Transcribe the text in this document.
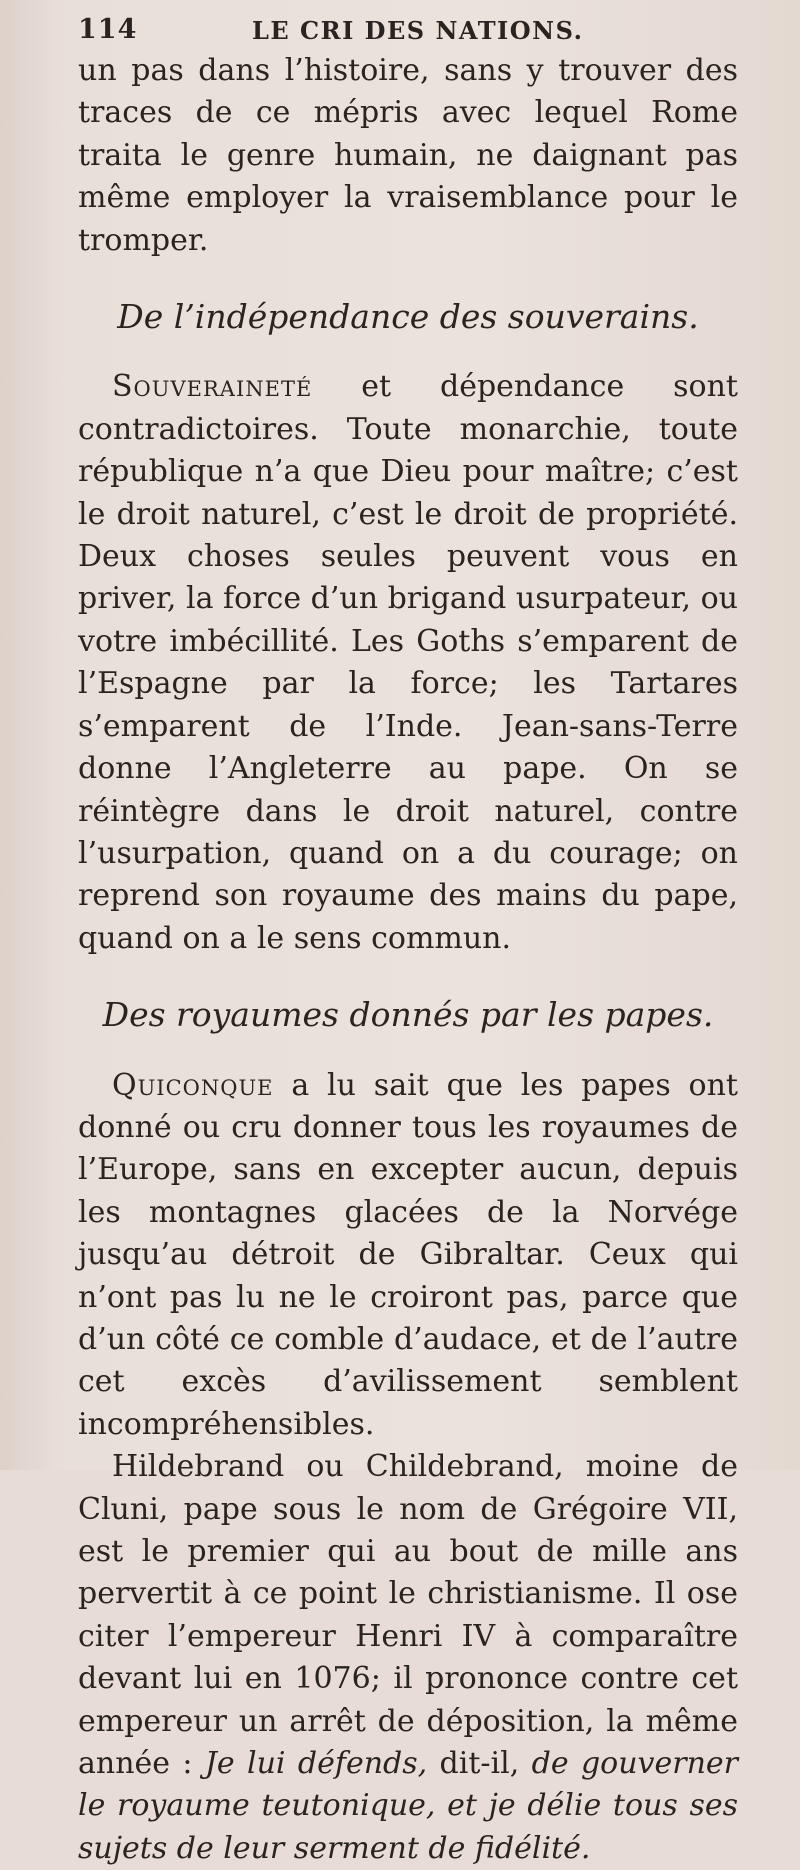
114	LE CRI DES NATIONS.

un pas dans l’histoire, sans y trouver des traces de ce mépris avec lequel Rome traita le genre humain, ne daignant pas même employer la vraisemblance pour le tromper.

De l’indépendance des souverains.

Souveraineté et dépendance sont contradictoires. Toute monarchie, toute république n’a que Dieu pour maître; c’est le droit naturel, c’est le droit de propriété. Deux choses seules peuvent vous en priver, la force d’un brigand usurpateur, ou votre imbécillité. Les Goths s’emparent de l’Espagne par la force; les Tartares s’emparent de l’Inde. Jean-sans-Terre donne l’Angleterre au pape. On se réintègre dans le droit naturel, contre l’usurpation, quand on a du courage; on reprend son royaume des mains du pape, quand on a le sens commun.

Des royaumes donnés par les papes.

Quiconque a lu sait que les papes ont donné ou cru donner tous les royaumes de l’Europe, sans en excepter aucun, depuis les montagnes glacées de la Norvége jusqu’au détroit de Gibraltar. Ceux qui n’ont pas lu ne le croiront pas, parce que d’un côté ce comble d’audace, et de l’autre cet excès d’avilissement semblent incompréhensibles.

Hildebrand ou Childebrand, moine de Cluni, pape sous le nom de Grégoire VII, est le premier qui au bout de mille ans pervertit à ce point le christianisme. Il ose citer l’empereur Henri IV à comparaître devant lui en 1076; il prononce contre cet empereur un arrêt de déposition, la même année : Je lui défends, dit-il, de gouverner le royaume teutonique, et je délie tous ses sujets de leur serment de fidélité.
